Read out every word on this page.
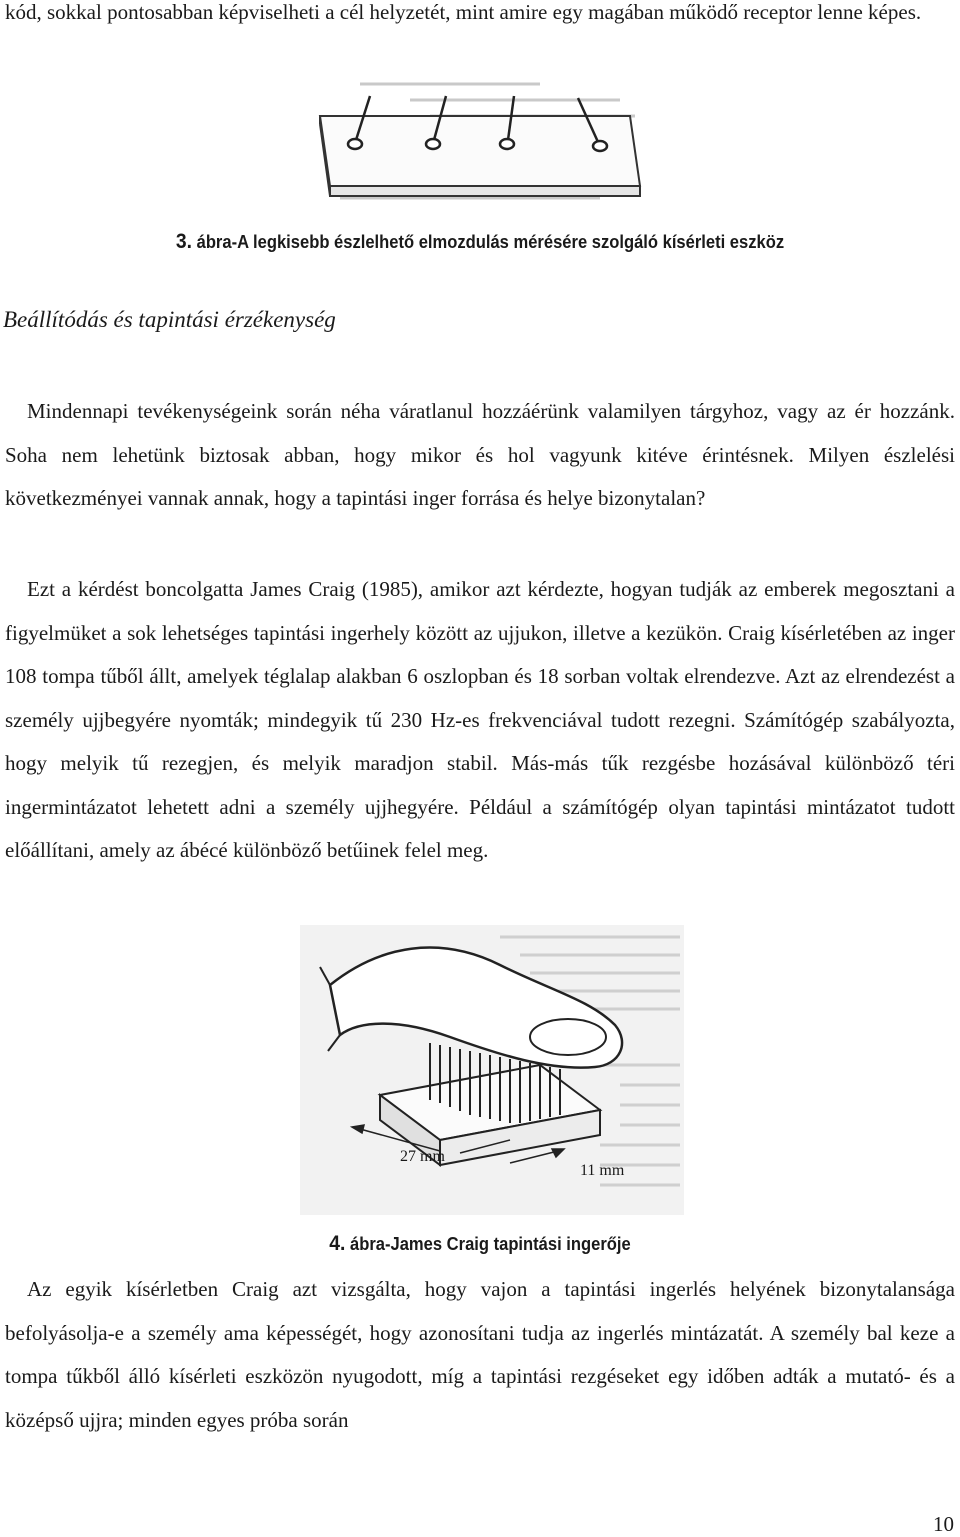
kód, sokkal pontosabban képviselheti a cél helyzetét, mint amire egy magában működő receptor lenne képes.

3. ábra-A legkisebb észlelhető elmozdulás mérésére szolgáló kísérleti eszköz

Beállítódás és tapintási érzékenység

Mindennapi tevékenységeink során néha váratlanul hozzáérünk valamilyen tárgyhoz, vagy az ér hozzánk. Soha nem lehetünk biztosak abban, hogy mikor és hol vagyunk kitéve érintésnek. Milyen észlelési következményei vannak annak, hogy a tapintási inger forrása és helye bizonytalan?

Ezt a kérdést boncolgatta James Craig (1985), amikor azt kérdezte, hogyan tudják az emberek megosztani a figyelmüket a sok lehetséges tapintási ingerhely között az ujjukon, illetve a kezükön. Craig kísérletében az inger 108 tompa tűből állt, amelyek téglalap alakban 6 oszlopban és 18 sorban voltak elrendezve. Azt az elrendezést a személy ujjbegyére nyomták; mindegyik tű 230 Hz-es frekvenciával tudott rezegni. Számítógép szabályozta, hogy melyik tű rezegjen, és melyik maradjon stabil. Más-más tűk rezgésbe hozásával különböző téri ingermintázatot lehetett adni a személy ujjhegyére. Például a számítógép olyan tapintási mintázatot tudott előállítani, amely az ábécé különböző betűinek felel meg.

27 mm
11 mm

4. ábra-James Craig tapintási ingerője

Az egyik kísérletben Craig azt vizsgálta, hogy vajon a tapintási ingerlés helyének bizonytalansága befolyásolja-e a személy ama képességét, hogy azonosítani tudja az ingerlés mintázatát. A személy bal keze a tompa tűkből álló kísérleti eszközön nyugodott, míg a tapintási rezgéseket egy időben adták a mutató- és a középső ujjra; minden egyes próba során

10
